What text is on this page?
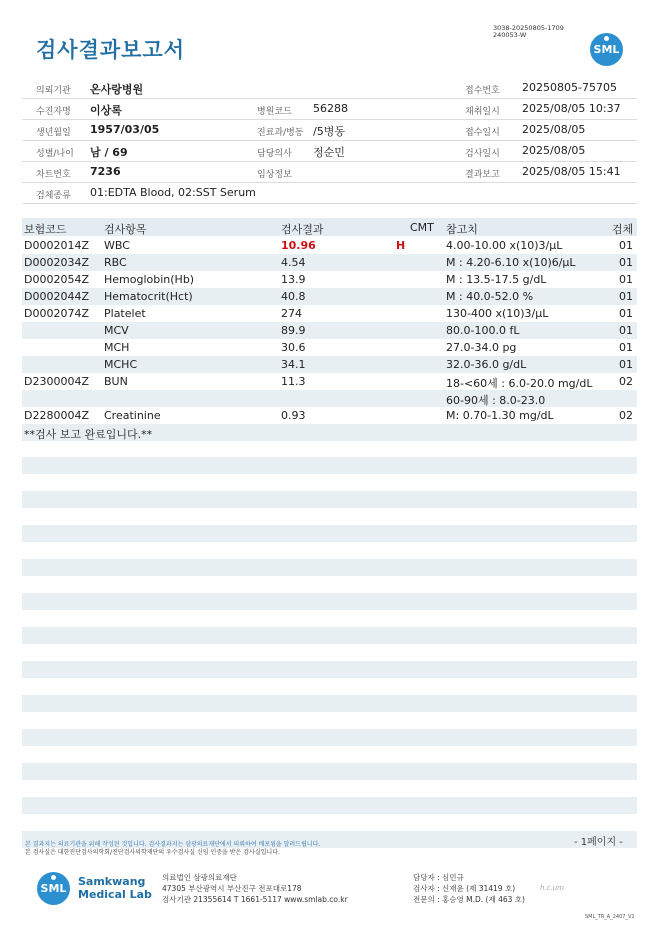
검사결과보고서
3038-20250805-1709
240053-W
SML
의뢰기관 온사랑병원	접수번호 20250805-75705
수진자명 이상록	병원코드 56288	채취일시 2025/08/05 10:37
생년월일 1957/03/05	진료과/병동 /5병동	접수일시 2025/08/05
성별/나이 남 / 69	담당의사 정순민	검사일시 2025/08/05
차트번호 7236	임상정보	결과보고 2025/08/05 15:41
검체종류 01:EDTA Blood, 02:SST Serum
보험코드	검사항목	검사결과	CMT 참고치	검체
D0002014Z WBC	10.96	H	4.00-10.00 x(10)3/μL	01
D0002034Z RBC	4.54	M : 4.20-6.10 x(10)6/μL	01
D0002054Z Hemoglobin(Hb)	13.9	M : 13.5-17.5 g/dL	01
D0002044Z Hematocrit(Hct)	40.8	M : 40.0-52.0 %	01
D0002074Z Platelet	274	130-400 x(10)3/μL	01
MCV	89.9	80.0-100.0 fL	01
MCH	30.6	27.0-34.0 pg	01
MCHC	34.1	32.0-36.0 g/dL	01
D2300004Z BUN	11.3	18-<60세 : 6.0-20.0 mg/dL 02
60-90세 : 8.0-23.0
D2280004Z Creatinine	0.93	M: 0.70-1.30 mg/dL	02
**검사 보고 완료입니다.**
- 1페이지 -
본 결과지는 의료기관을 위해 작성된 것입니다. 검사결과지는 삼광의료재단에서 의뢰하여 배포됨을 알려드립니다.
본 검사실은 대한진단검사의학회/진단검사의학재단의 우수검사실 신임 인증을 받은 검사실입니다.
SML
Samkwang
Medical Lab
의료법인 삼광의료재단
47305 부산광역시 부산진구 전포대로178
검사기관 21355614 T 1661-5117 www.smlab.co.kr
담당자 : 심민규
검사자 : 신재윤 (제 31419 호)
전문의 : 홍승영 M.D. (제 463 호)
h.c.um
SML_TR_A_2407_V1
